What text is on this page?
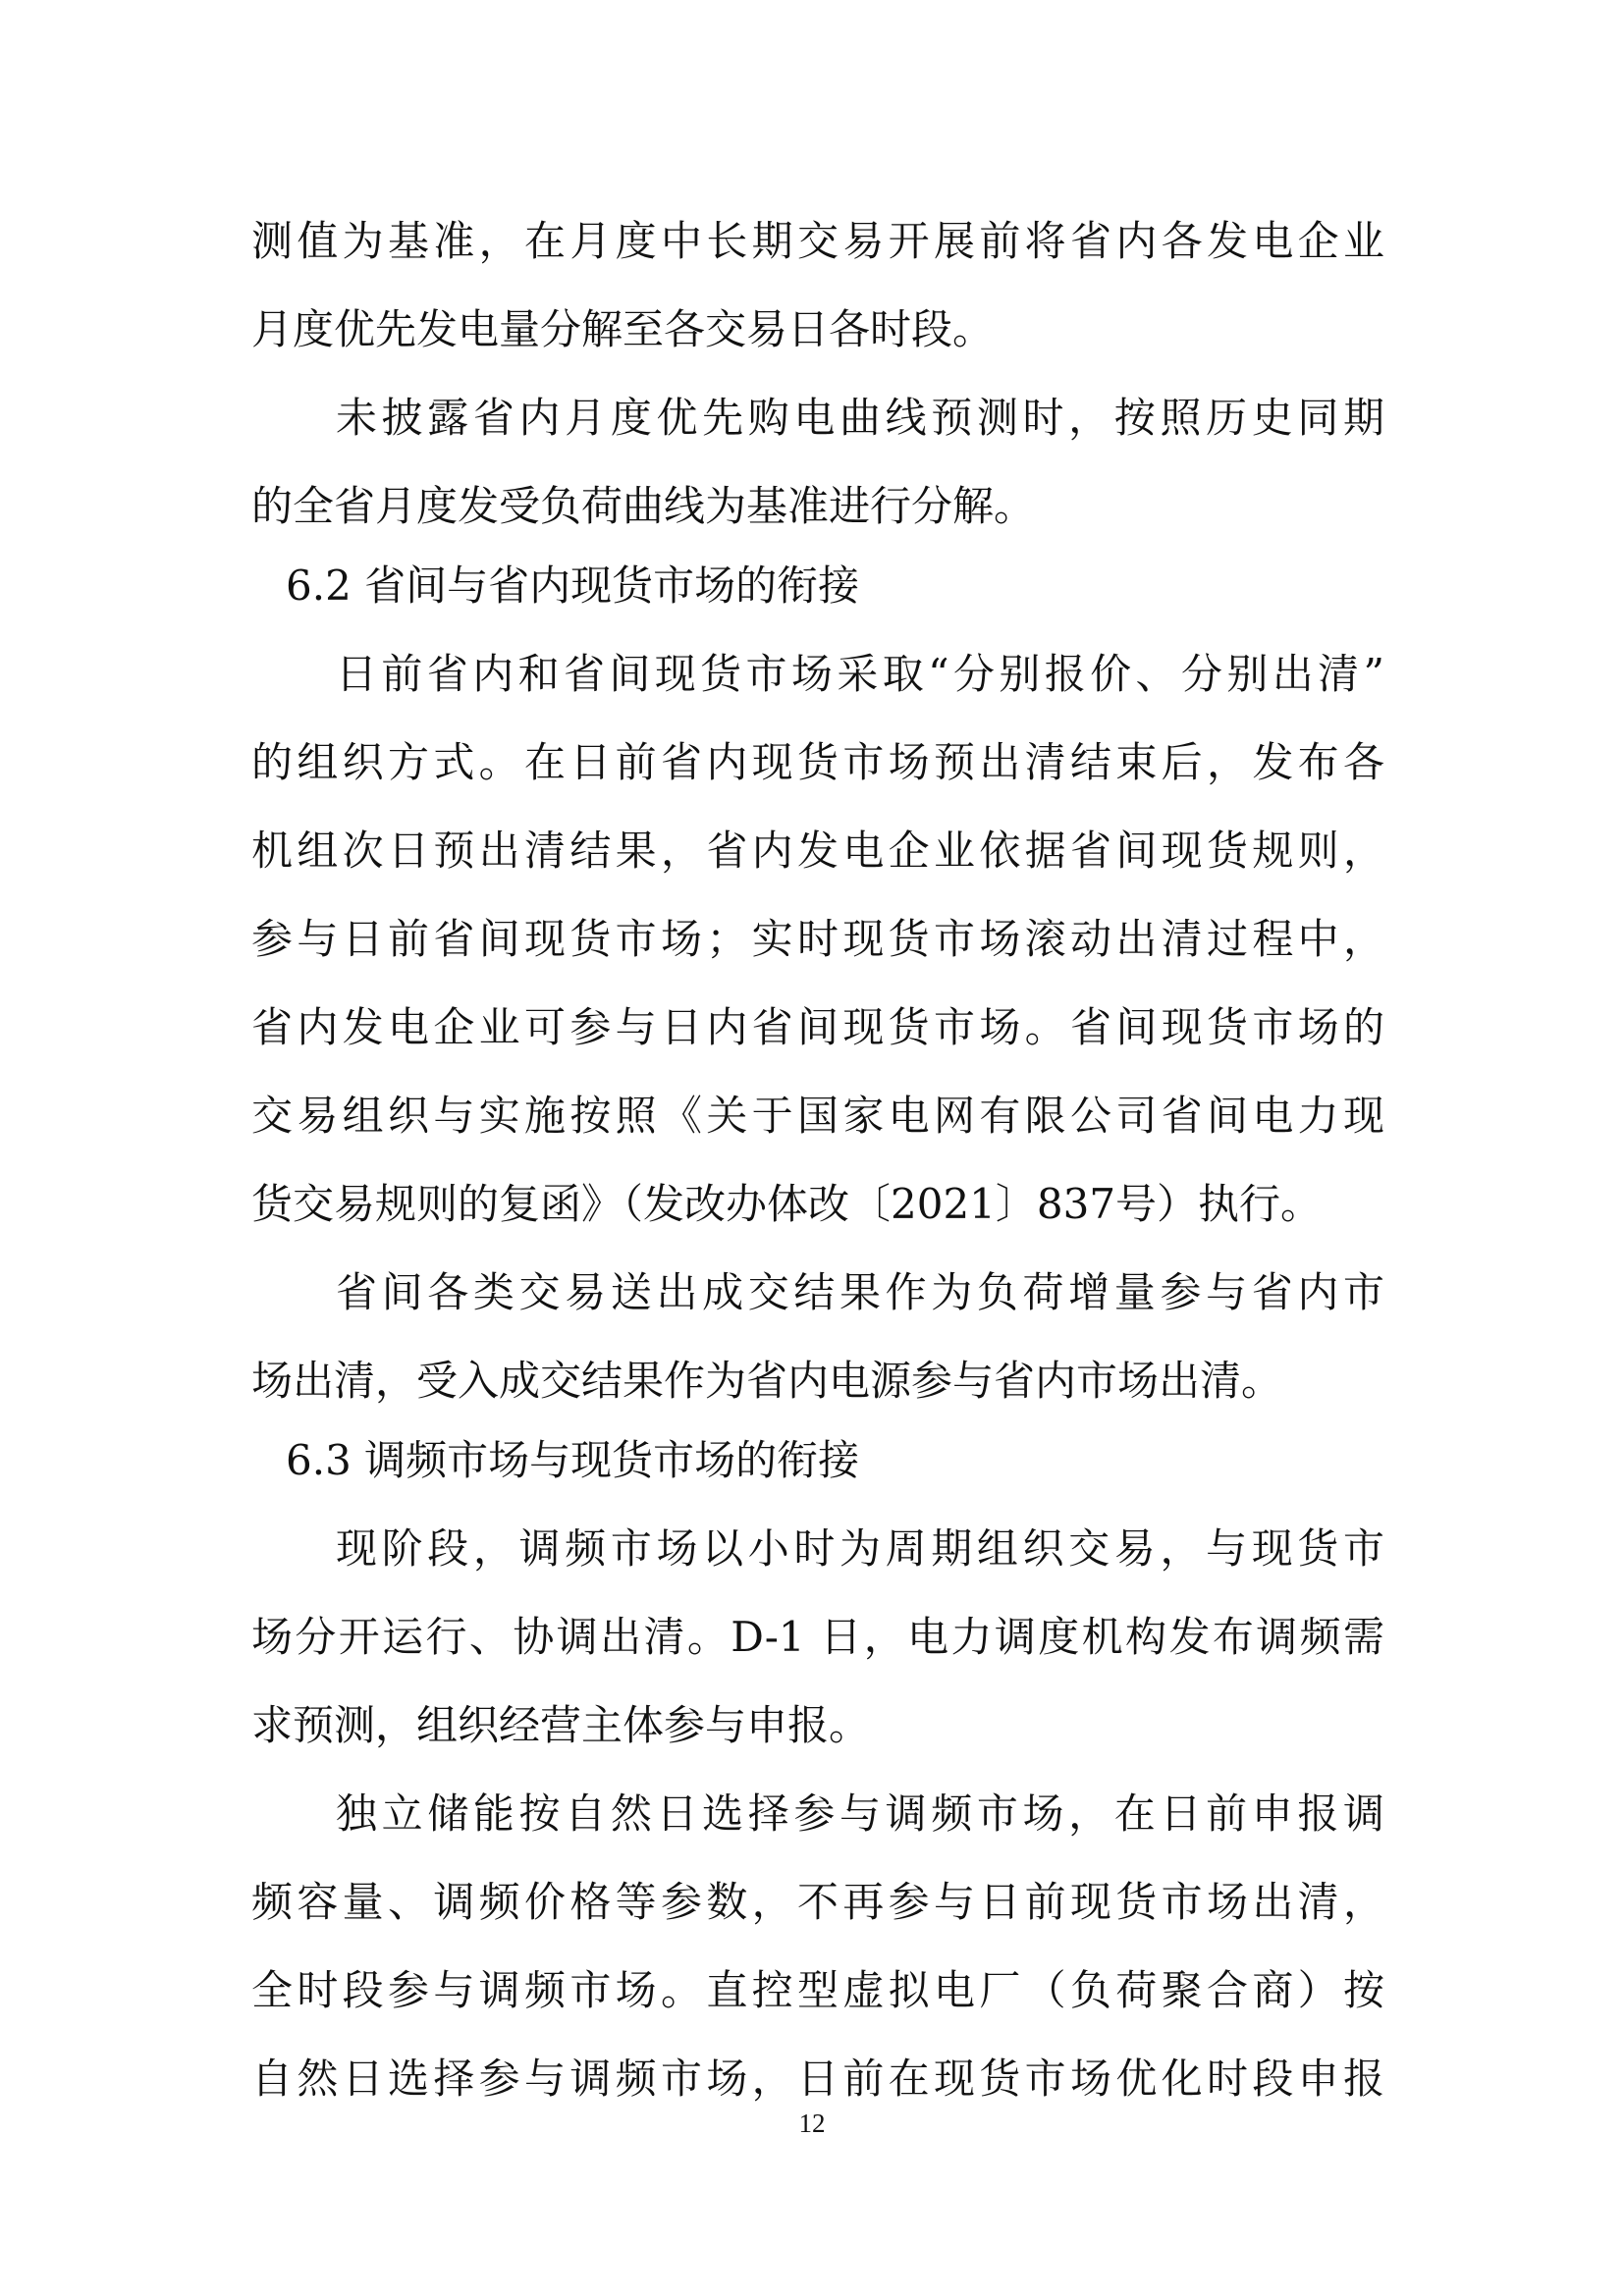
测值为基准，在月度中长期交易开展前将省内各发电企业
月度优先发电量分解至各交易日各时段。
未披露省内月度优先购电曲线预测时，按照历史同期
的全省月度发受负荷曲线为基准进行分解。
6.2 省间与省内现货市场的衔接
日前省内和省间现货市场采取“分别报价、分别出清”
的组织方式。在日前省内现货市场预出清结束后，发布各
机组次日预出清结果，省内发电企业依据省间现货规则，
参与日前省间现货市场；实时现货市场滚动出清过程中，
省内发电企业可参与日内省间现货市场。省间现货市场的
交易组织与实施按照《关于国家电网有限公司省间电力现
货交易规则的复函》（发改办体改〔2021〕837号）执行。
省间各类交易送出成交结果作为负荷增量参与省内市
场出清，受入成交结果作为省内电源参与省内市场出清。
6.3 调频市场与现货市场的衔接
现阶段，调频市场以小时为周期组织交易，与现货市
场分开运行、协调出清。D-1 日，电力调度机构发布调频需
求预测，组织经营主体参与申报。
独立储能按自然日选择参与调频市场，在日前申报调
频容量、调频价格等参数，不再参与日前现货市场出清，
全时段参与调频市场。直控型虚拟电厂（负荷聚合商）按
自然日选择参与调频市场，日前在现货市场优化时段申报
12
